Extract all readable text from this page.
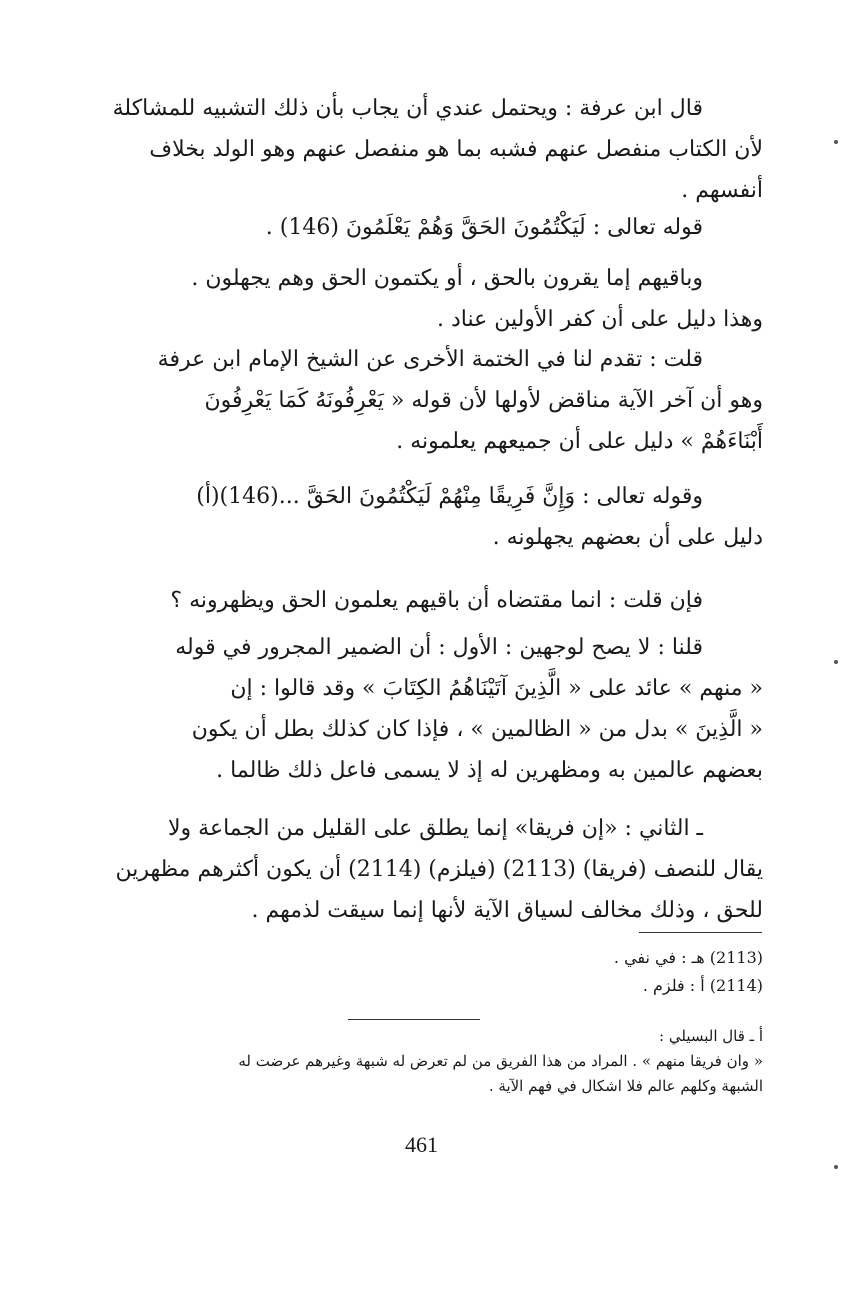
قال ابن عرفة : ويحتمل عندي أن يجاب بأن ذلك التشبيه للمشاكلة
لأن الكتاب منفصل عنهم فشبه بما هو منفصل عنهم وهو الولد بخلاف
أنفسهم .
قوله تعالى : لَيَكْتُمُونَ الحَقَّ وَهُمْ يَعْلَمُونَ (146) .
وباقيهم إما يقرون بالحق ، أو يكتمون الحق وهم يجهلون .
وهذا دليل على أن كفر الأولين عناد .
قلت : تقدم لنا في الختمة الأخرى عن الشيخ الإمام ابن عرفة
وهو أن آخر الآية مناقض لأولها لأن قوله « يَعْرِفُونَهُ كَمَا يَعْرِفُونَ
أَبْنَاءَهُمْ » دليل على أن جميعهم يعلمونه .
وقوله تعالى : وَإِنَّ فَرِيقًا مِنْهُمْ لَيَكْتُمُونَ الحَقَّ ...(146)(أ)
دليل على أن بعضهم يجهلونه .
فإن قلت : انما مقتضاه أن باقيهم يعلمون الحق ويظهرونه ؟
قلنا : لا يصح لوجهين : الأول : أن الضمير المجرور في قوله
« منهم » عائد على « الَّذِينَ آتَيْنَاهُمُ الكِتَابَ » وقد قالوا : إن
« الَّذِينَ » بدل من « الظالمين » ، فإذا كان كذلك بطل أن يكون
بعضهم عالمين به ومظهرين له إذ لا يسمى فاعل ذلك ظالما .
ـ الثاني : «إن فريقا» إنما يطلق على القليل من الجماعة ولا
يقال للنصف (فريقا) (2113) (فيلزم) (2114) أن يكون أكثرهم مظهرين
للحق ، وذلك مخالف لسياق الآية لأنها إنما سيقت لذمهم .
(2113) هـ : في نفي .
(2114) أ : فلزم .
أ ـ قال البسيلي :
« وان فريقا منهم » . المراد من هذا الفريق من لم تعرض له شبهة وغيرهم عرضت له
الشبهة وكلهم عالم فلا اشكال في فهم الآية .
461
